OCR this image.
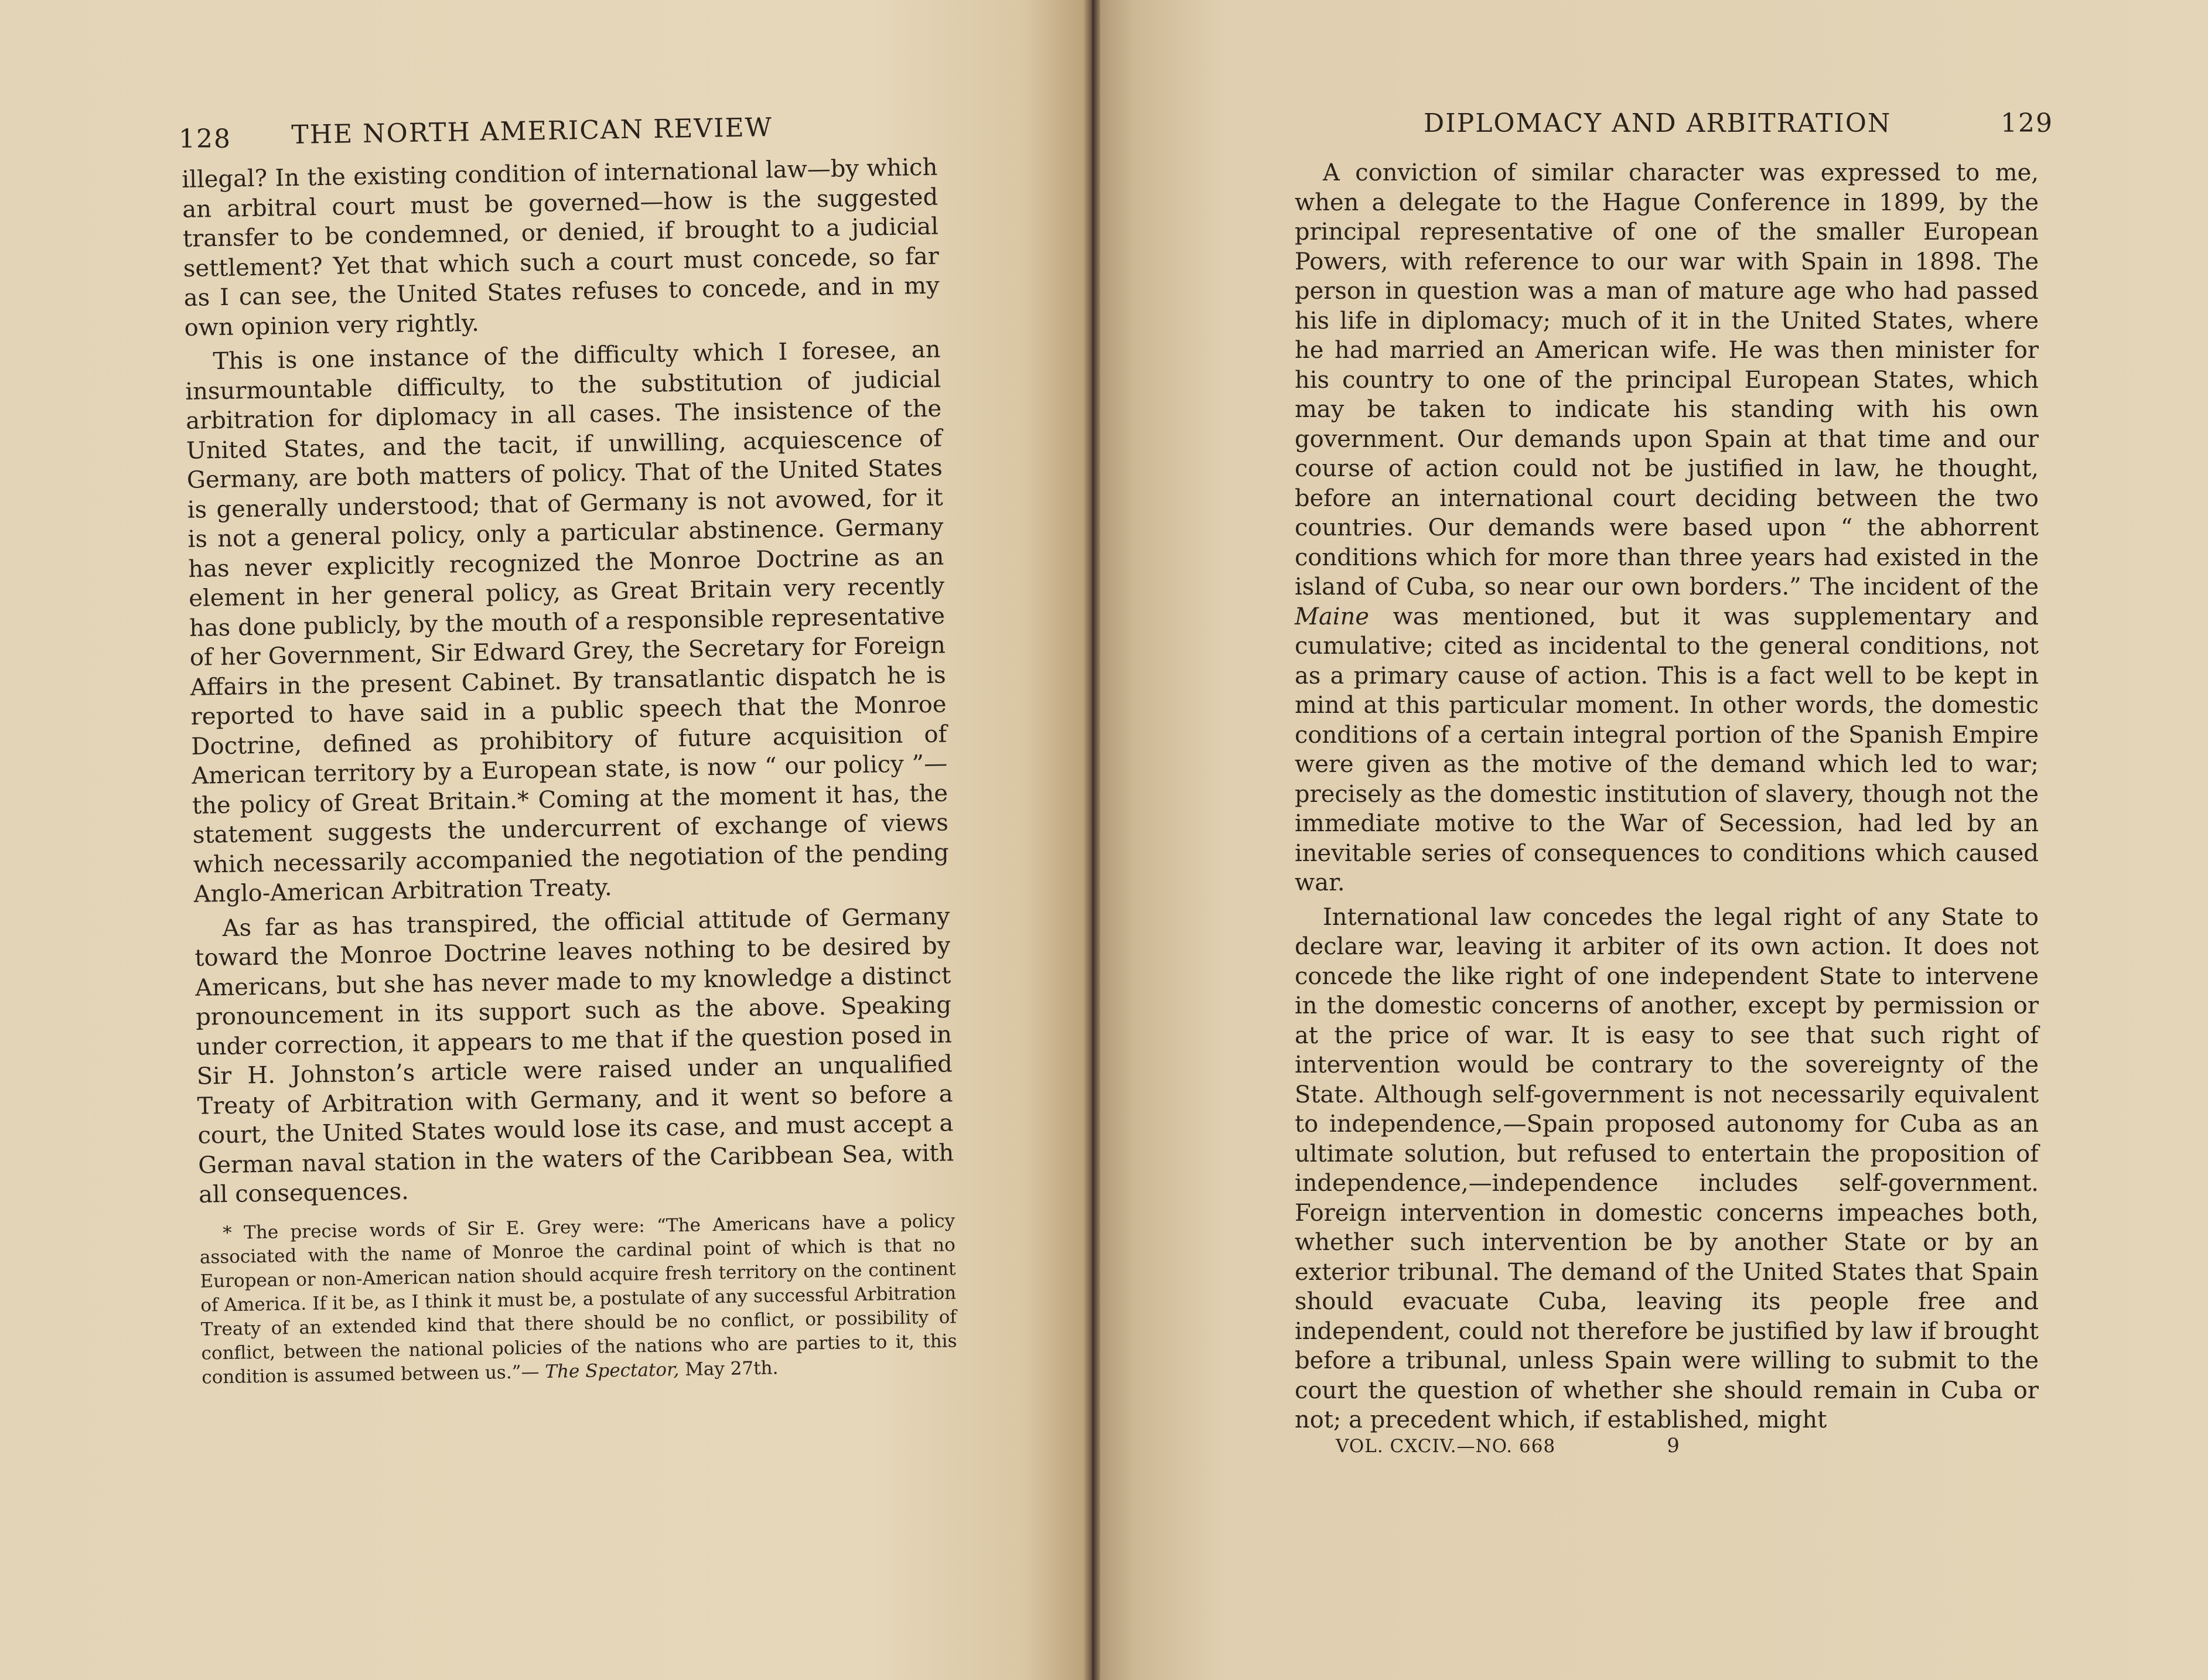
128 THE NORTH AMERICAN REVIEW

illegal? In the existing condition of international law—by which an arbitral court must be governed—how is the suggested transfer to be condemned, or denied, if brought to a judicial settlement? Yet that which such a court must concede, so far as I can see, the United States refuses to concede, and in my own opinion very rightly.

This is one instance of the difficulty which I foresee, an insurmountable difficulty, to the substitution of judicial arbitration for diplomacy in all cases. The insistence of the United States, and the tacit, if unwilling, acquiescence of Germany, are both matters of policy. That of the United States is generally understood; that of Germany is not avowed, for it is not a general policy, only a particular abstinence. Germany has never explicitly recognized the Monroe Doctrine as an element in her general policy, as Great Britain very recently has done publicly, by the mouth of a responsible representative of her Government, Sir Edward Grey, the Secretary for Foreign Affairs in the present Cabinet. By transatlantic dispatch he is reported to have said in a public speech that the Monroe Doctrine, defined as prohibitory of future acquisition of American territory by a European state, is now “ our policy ”—the policy of Great Britain.* Coming at the moment it has, the statement suggests the undercurrent of exchange of views which necessarily accompanied the negotiation of the pending Anglo-American Arbitration Treaty.

As far as has transpired, the official attitude of Germany toward the Monroe Doctrine leaves nothing to be desired by Americans, but she has never made to my knowledge a distinct pronouncement in its support such as the above. Speaking under correction, it appears to me that if the question posed in Sir H. Johnston’s article were raised under an unqualified Treaty of Arbitration with Germany, and it went so before a court, the United States would lose its case, and must accept a German naval station in the waters of the Caribbean Sea, with all consequences.

* The precise words of Sir E. Grey were: “The Americans have a policy associated with the name of Monroe the cardinal point of which is that no European or non-American nation should acquire fresh territory on the continent of America. If it be, as I think it must be, a postulate of any successful Arbitration Treaty of an extended kind that there should be no conflict, or possibility of conflict, between the national policies of the nations who are parties to it, this condition is assumed between us.”— The Spectator, May 27th.
DIPLOMACY AND ARBITRATION	129

A conviction of similar character was expressed to me, when a delegate to the Hague Conference in 1899, by the principal representative of one of the smaller European Powers, with reference to our war with Spain in 1898. The person in question was a man of mature age who had passed his life in diplomacy; much of it in the United States, where he had married an American wife. He was then minister for his country to one of the principal European States, which may be taken to indicate his standing with his own government. Our demands upon Spain at that time and our course of action could not be justified in law, he thought, before an international court deciding between the two countries. Our demands were based upon “ the abhorrent conditions which for more than three years had existed in the island of Cuba, so near our own borders.” The incident of the Maine was mentioned, but it was supplementary and cumulative; cited as incidental to the general conditions, not as a primary cause of action. This is a fact well to be kept in mind at this particular moment. In other words, the domestic conditions of a certain integral portion of the Spanish Empire were given as the motive of the demand which led to war; precisely as the domestic institution of slavery, though not the immediate motive to the War of Secession, had led by an inevitable series of consequences to conditions which caused war.

International law concedes the legal right of any State to declare war, leaving it arbiter of its own action. It does not concede the like right of one independent State to intervene in the domestic concerns of another, except by permission or at the price of war. It is easy to see that such right of intervention would be contrary to the sovereignty of the State. Although self-government is not necessarily equivalent to independence,—Spain proposed autonomy for Cuba as an ultimate solution, but refused to entertain the proposition of independence,—independence includes self-government. Foreign intervention in domestic concerns impeaches both, whether such intervention be by another State or by an exterior tribunal. The demand of the United States that Spain should evacuate Cuba, leaving its people free and independent, could not therefore be justified by law if brought before a tribunal, unless Spain were willing to submit to the court the question of whether she should remain in Cuba or not; a precedent which, if established, might

VOL. CXCIV.—NO. 668	9
